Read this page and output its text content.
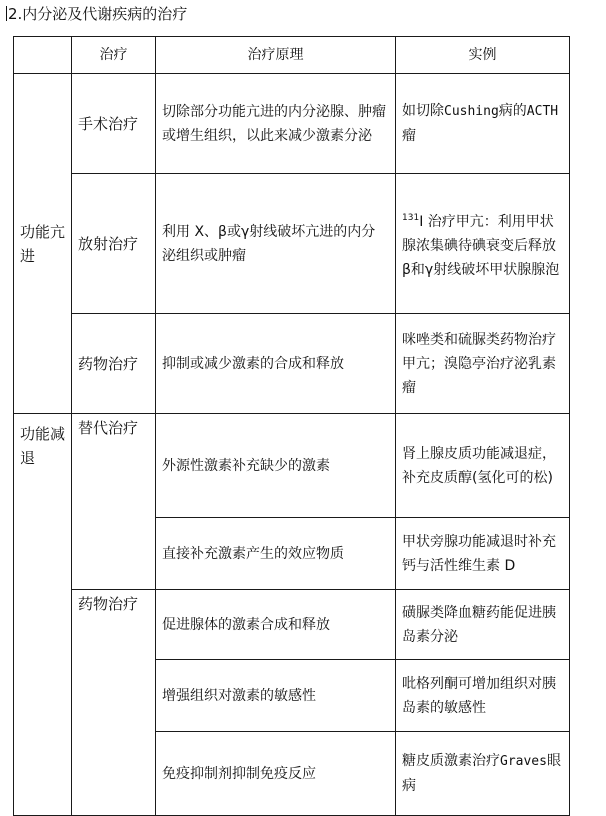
2.内分泌及代谢疾病的治疗
	治疗	治疗原理	实例
功能亢进	手术治疗	切除部分功能亢进的内分泌腺、肿瘤或增生组织，以此来减少激素分泌	如切除Cushing病的ACTH瘤
	放射治疗	利用 X、β或γ射线破坏亢进的内分泌组织或肿瘤	$^{131}$I 治疗甲亢：利用甲状腺浓集碘待碘衰变后释放β和γ射线破坏甲状腺腺泡
	药物治疗	抑制或减少激素的合成和释放	咪唑类和硫脲类药物治疗甲亢；溴隐亭治疗泌乳素瘤
功能减退	替代治疗	外源性激素补充缺少的激素	肾上腺皮质功能减退症，补充皮质醇(氢化可的松)
		直接补充激素产生的效应物质	甲状旁腺功能减退时补充钙与活性维生素 D
	药物治疗	促进腺体的激素合成和释放	磺脲类降血糖药能促进胰岛素分泌
		增强组织对激素的敏感性	吡格列酮可增加组织对胰岛素的敏感性
		免疫抑制剂抑制免疫反应	糖皮质激素治疗Graves眼病
